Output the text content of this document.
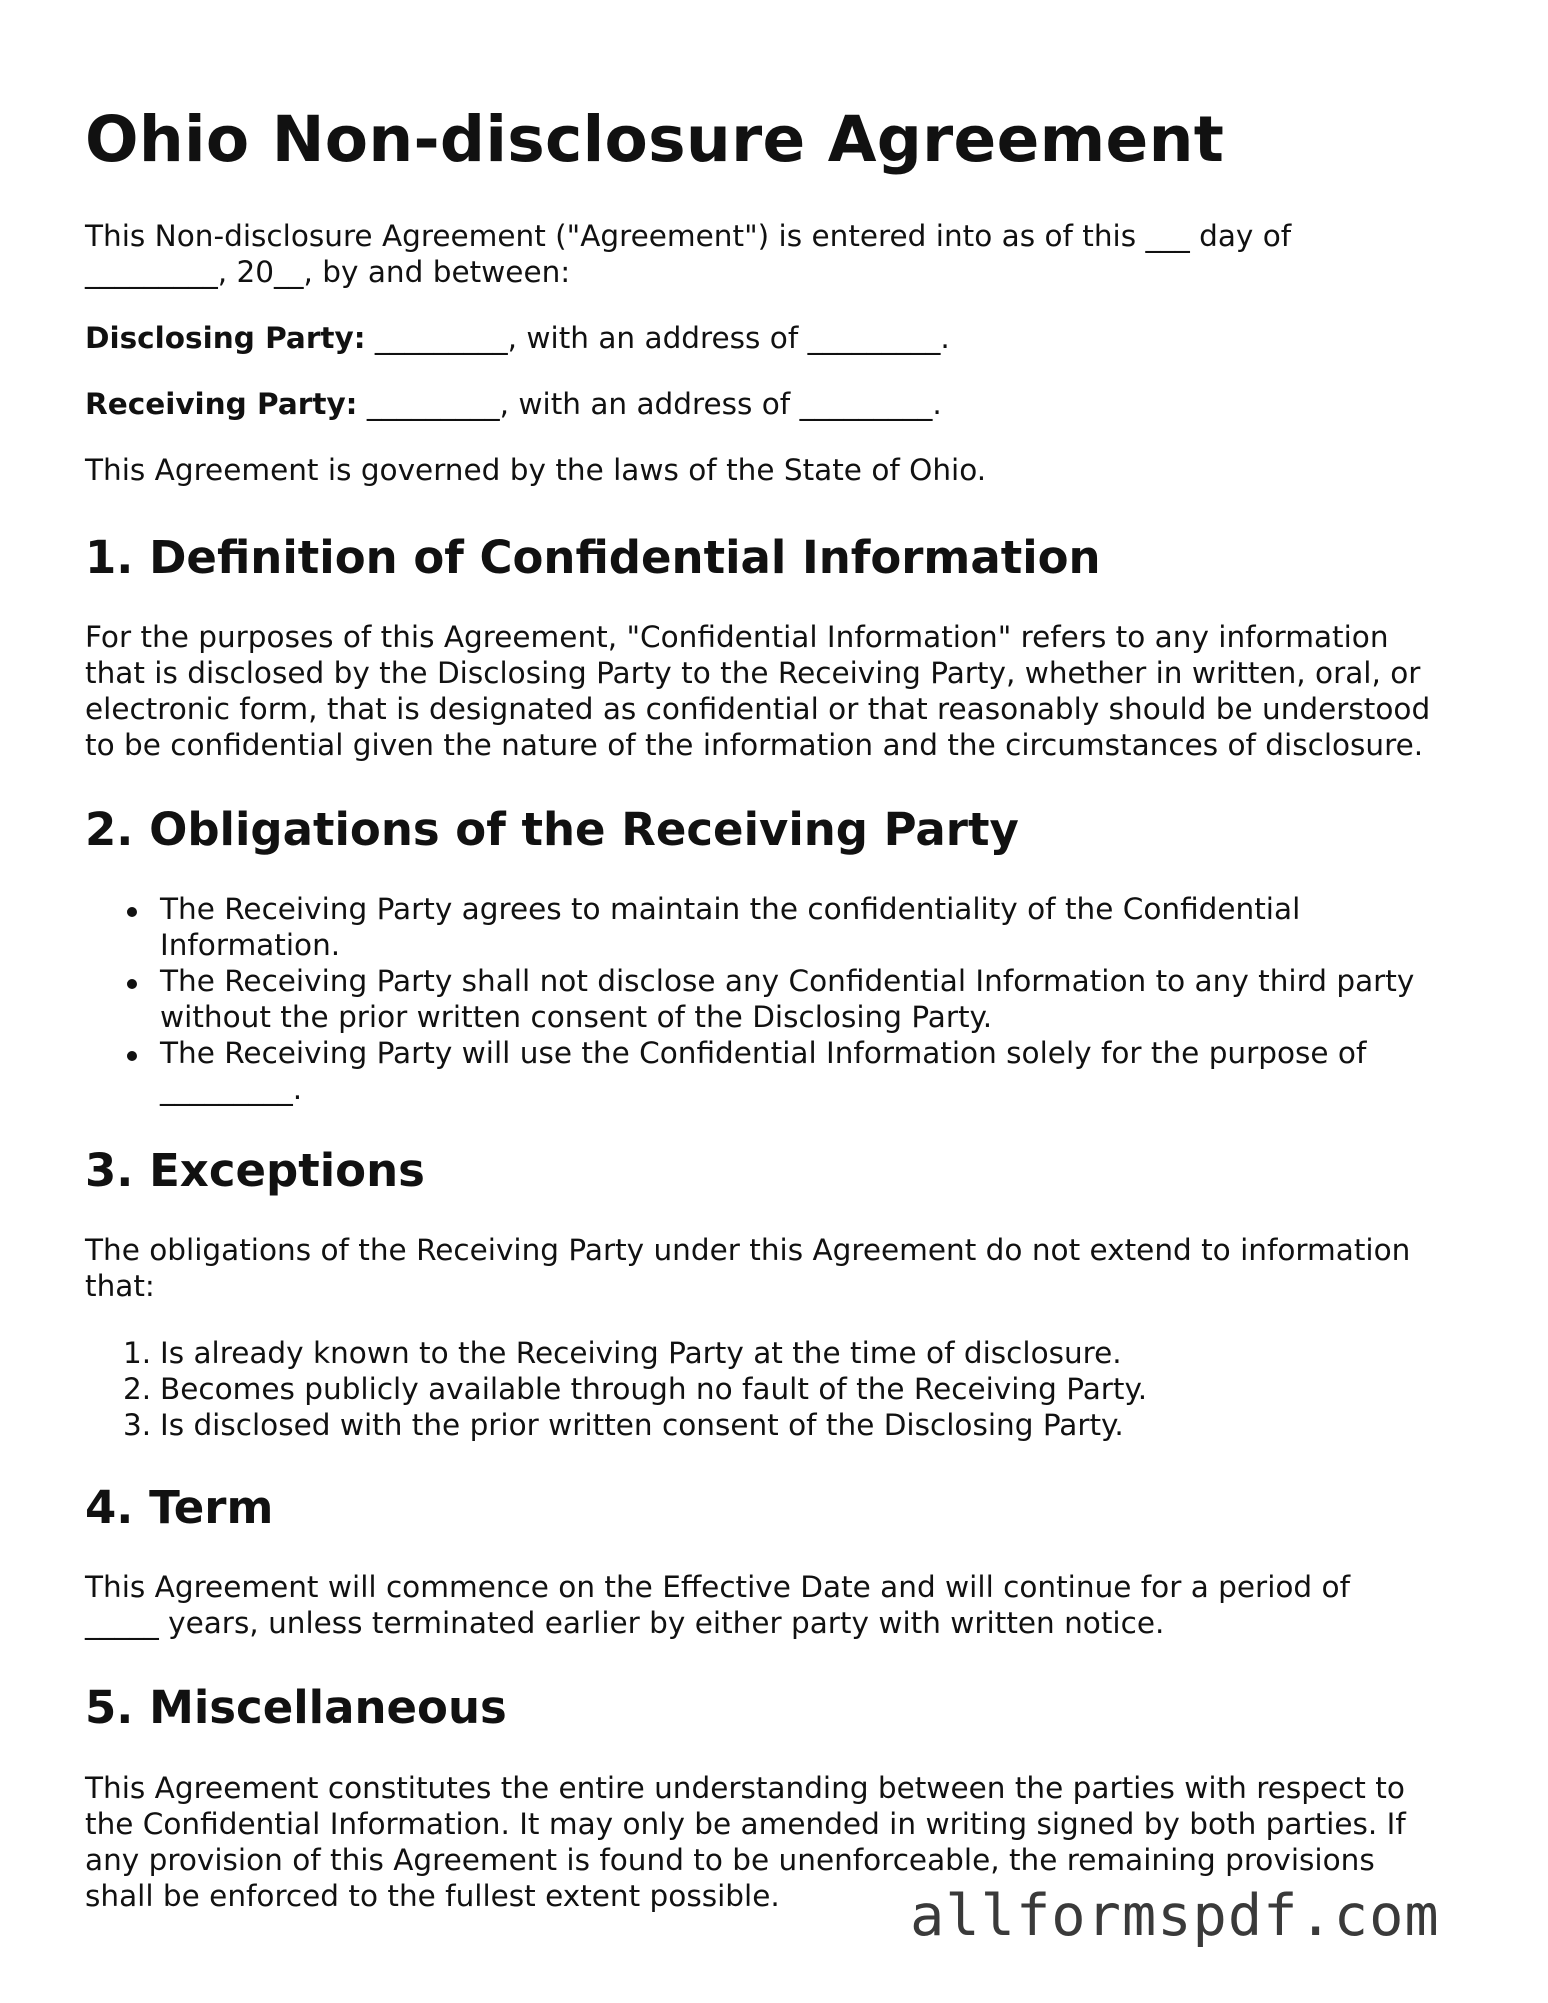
Ohio Non-disclosure Agreement
This Non-disclosure Agreement ("Agreement") is entered into as of this ___ day of
_________, 20__, by and between:
Disclosing Party: _________, with an address of _________.
Receiving Party: _________, with an address of _________.
This Agreement is governed by the laws of the State of Ohio.
1. Definition of Confidential Information
For the purposes of this Agreement, "Confidential Information" refers to any information
that is disclosed by the Disclosing Party to the Receiving Party, whether in written, oral, or
electronic form, that is designated as confidential or that reasonably should be understood
to be confidential given the nature of the information and the circumstances of disclosure.
2. Obligations of the Receiving Party
The Receiving Party agrees to maintain the confidentiality of the Confidential
Information.
The Receiving Party shall not disclose any Confidential Information to any third party
without the prior written consent of the Disclosing Party.
The Receiving Party will use the Confidential Information solely for the purpose of
_________.
3. Exceptions
The obligations of the Receiving Party under this Agreement do not extend to information
that:
1. Is already known to the Receiving Party at the time of disclosure.
2. Becomes publicly available through no fault of the Receiving Party.
3. Is disclosed with the prior written consent of the Disclosing Party.
4. Term
This Agreement will commence on the Effective Date and will continue for a period of
_____ years, unless terminated earlier by either party with written notice.
5. Miscellaneous
This Agreement constitutes the entire understanding between the parties with respect to
the Confidential Information. It may only be amended in writing signed by both parties. If
any provision of this Agreement is found to be unenforceable, the remaining provisions
shall be enforced to the fullest extent possible.	allformspdf.com
